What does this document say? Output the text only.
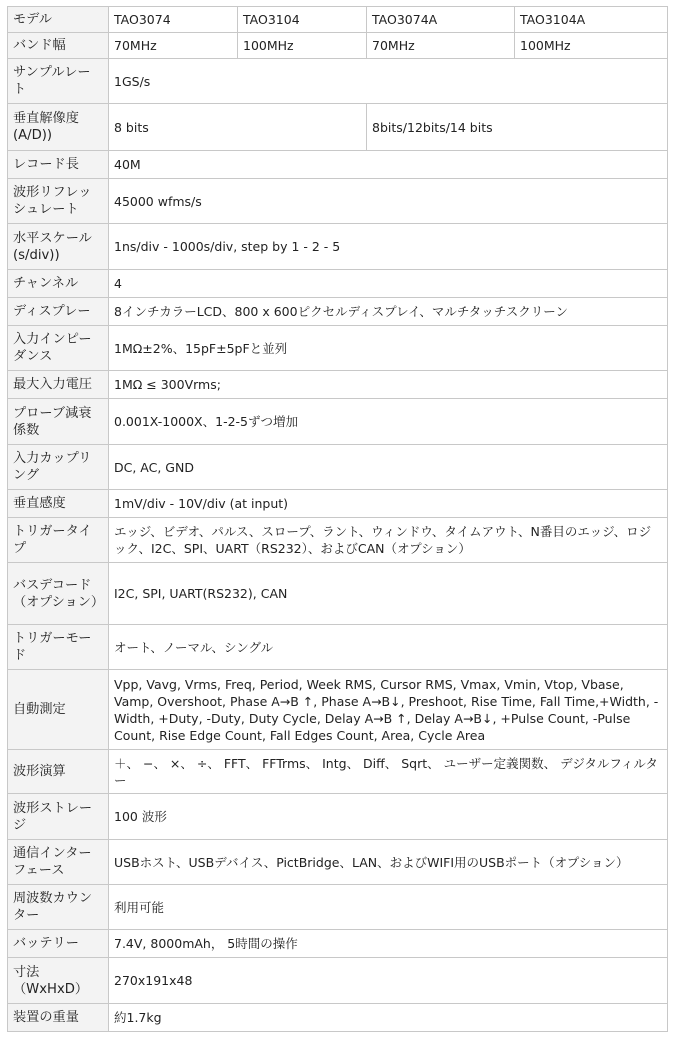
モデル	TAO3074	TAO3104	TAO3074A	TAO3104A
バンド幅	70MHz	100MHz	70MHz	100MHz
サンプルレート	1GS/s			
垂直解像度(A/D))	8 bits		8bits/12bits/14 bits	
レコード長	40M			
波形リフレッシュレート	45000 wfms/s			
水平スケール(s/div))	1ns/div - 1000s/div, step by 1 - 2 - 5			
チャンネル	4			
ディスプレー	8インチカラーLCD、800 x 600ピクセルディスプレイ、マルチタッチスクリーン			
入力インピーダンス	1MΩ±2%、15pF±5pFと並列			
最大入力電圧	1MΩ ≤ 300Vrms;			
プローブ減衰係数	0.001X-1000X、1-2-5ずつ増加			
入力カップリング	DC, AC, GND			
垂直感度	1mV/div - 10V/div (at input)			
トリガータイプ	エッジ、ビデオ、パルス、スロープ、ラント、ウィンドウ、タイムアウト、N番目のエッジ、ロジック、I2C、SPI、UART（RS232）、およびCAN（オプション）			
バスデコード（オプション）	I2C, SPI, UART(RS232), CAN			
トリガーモード	オート、ノーマル、シングル			
自動測定	Vpp, Vavg, Vrms, Freq, Period, Week RMS, Cursor RMS, Vmax, Vmin, Vtop, Vbase, Vamp, Overshoot, Phase A→B ↑, Phase A→B↓, Preshoot, Rise Time, Fall Time,+Width, -Width, +Duty, -Duty, Duty Cycle, Delay A→B ↑, Delay A→B↓, +Pulse Count, -Pulse Count, Rise Edge Count, Fall Edges Count, Area, Cycle Area			
波形演算	＋、 −、 ×、 ÷、 FFT、 FFTrms、 Intg、 Diff、 Sqrt、 ユーザー定義関数、 デジタルフィルター			
波形ストレージ	100 波形			
通信インターフェース	USBホスト、USBデバイス、PictBridge、LAN、およびWIFI用のUSBポート（オプション）			
周波数カウンター	利用可能			
バッテリー	7.4V, 8000mAh， 5時間の操作			
寸法（WxHxD）	270x191x48			
装置の重量	約1.7kg			
